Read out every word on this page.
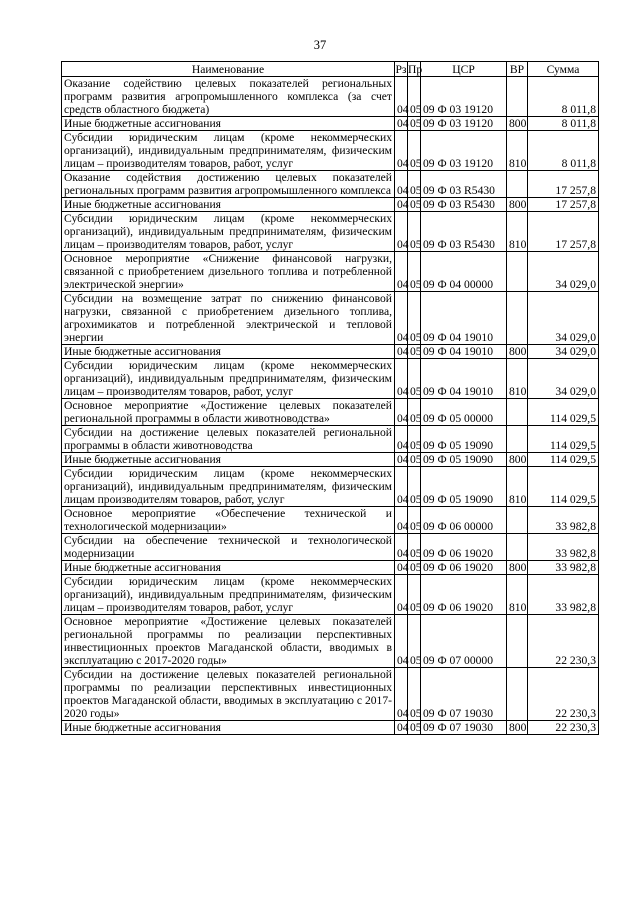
37
Наименование	Рз	Пр	ЦСР	ВР	Сумма
Оказание содействию целевых показателей региональных программ развития агропромышленного комплекса (за счет средств областного бюджета)	04	05	09 Ф 03 19120		8 011,8
Иные бюджетные ассигнования	04	05	09 Ф 03 19120	800	8 011,8
Субсидии юридическим лицам (кроме некоммерческих организаций), индивидуальным предпринимателям, физическим лицам – производителям товаров, работ, услуг	04	05	09 Ф 03 19120	810	8 011,8
Оказание содействия достижению целевых показателей региональных программ развития агропромышленного комплекса	04	05	09 Ф 03 R5430		17 257,8
Иные бюджетные ассигнования	04	05	09 Ф 03 R5430	800	17 257,8
Субсидии юридическим лицам (кроме некоммерческих организаций), индивидуальным предпринимателям, физическим лицам – производителям товаров, работ, услуг	04	05	09 Ф 03 R5430	810	17 257,8
Основное мероприятие «Снижение финансовой нагрузки, связанной с приобретением дизельного топлива и потребленной электрической энергии»	04	05	09 Ф 04 00000		34 029,0
Субсидии на возмещение затрат по снижению финансовой нагрузки, связанной с приобретением дизельного топлива, агрохимикатов и потребленной электрической и тепловой энергии	04	05	09 Ф 04 19010		34 029,0
Иные бюджетные ассигнования	04	05	09 Ф 04 19010	800	34 029,0
Субсидии юридическим лицам (кроме некоммерческих организаций), индивидуальным предпринимателям, физическим лицам – производителям товаров, работ, услуг	04	05	09 Ф 04 19010	810	34 029,0
Основное мероприятие «Достижение целевых показателей региональной программы в области животноводства»	04	05	09 Ф 05 00000		114 029,5
Субсидии на достижение целевых показателей региональной программы в области животноводства	04	05	09 Ф 05 19090		114 029,5
Иные бюджетные ассигнования	04	05	09 Ф 05 19090	800	114 029,5
Субсидии юридическим лицам (кроме некоммерческих организаций), индивидуальным предпринимателям, физическим лицам производителям товаров, работ, услуг	04	05	09 Ф 05 19090	810	114 029,5
Основное мероприятие «Обеспечение технической и технологической модернизации»	04	05	09 Ф 06 00000		33 982,8
Субсидии на обеспечение технической и технологической модернизации	04	05	09 Ф 06 19020		33 982,8
Иные бюджетные ассигнования	04	05	09 Ф 06 19020	800	33 982,8
Субсидии юридическим лицам (кроме некоммерческих организаций), индивидуальным предпринимателям, физическим лицам – производителям товаров, работ, услуг	04	05	09 Ф 06 19020	810	33 982,8
Основное мероприятие «Достижение целевых показателей региональной программы по реализации перспективных инвестиционных проектов Магаданской области, вводимых в эксплуатацию с 2017-2020 годы»	04	05	09 Ф 07 00000		22 230,3
Субсидии на достижение целевых показателей региональной программы по реализации перспективных инвестиционных проектов Магаданской области, вводимых в эксплуатацию с 2017-2020 годы»	04	05	09 Ф 07 19030		22 230,3
Иные бюджетные ассигнования	04	05	09 Ф 07 19030	800	22 230,3
